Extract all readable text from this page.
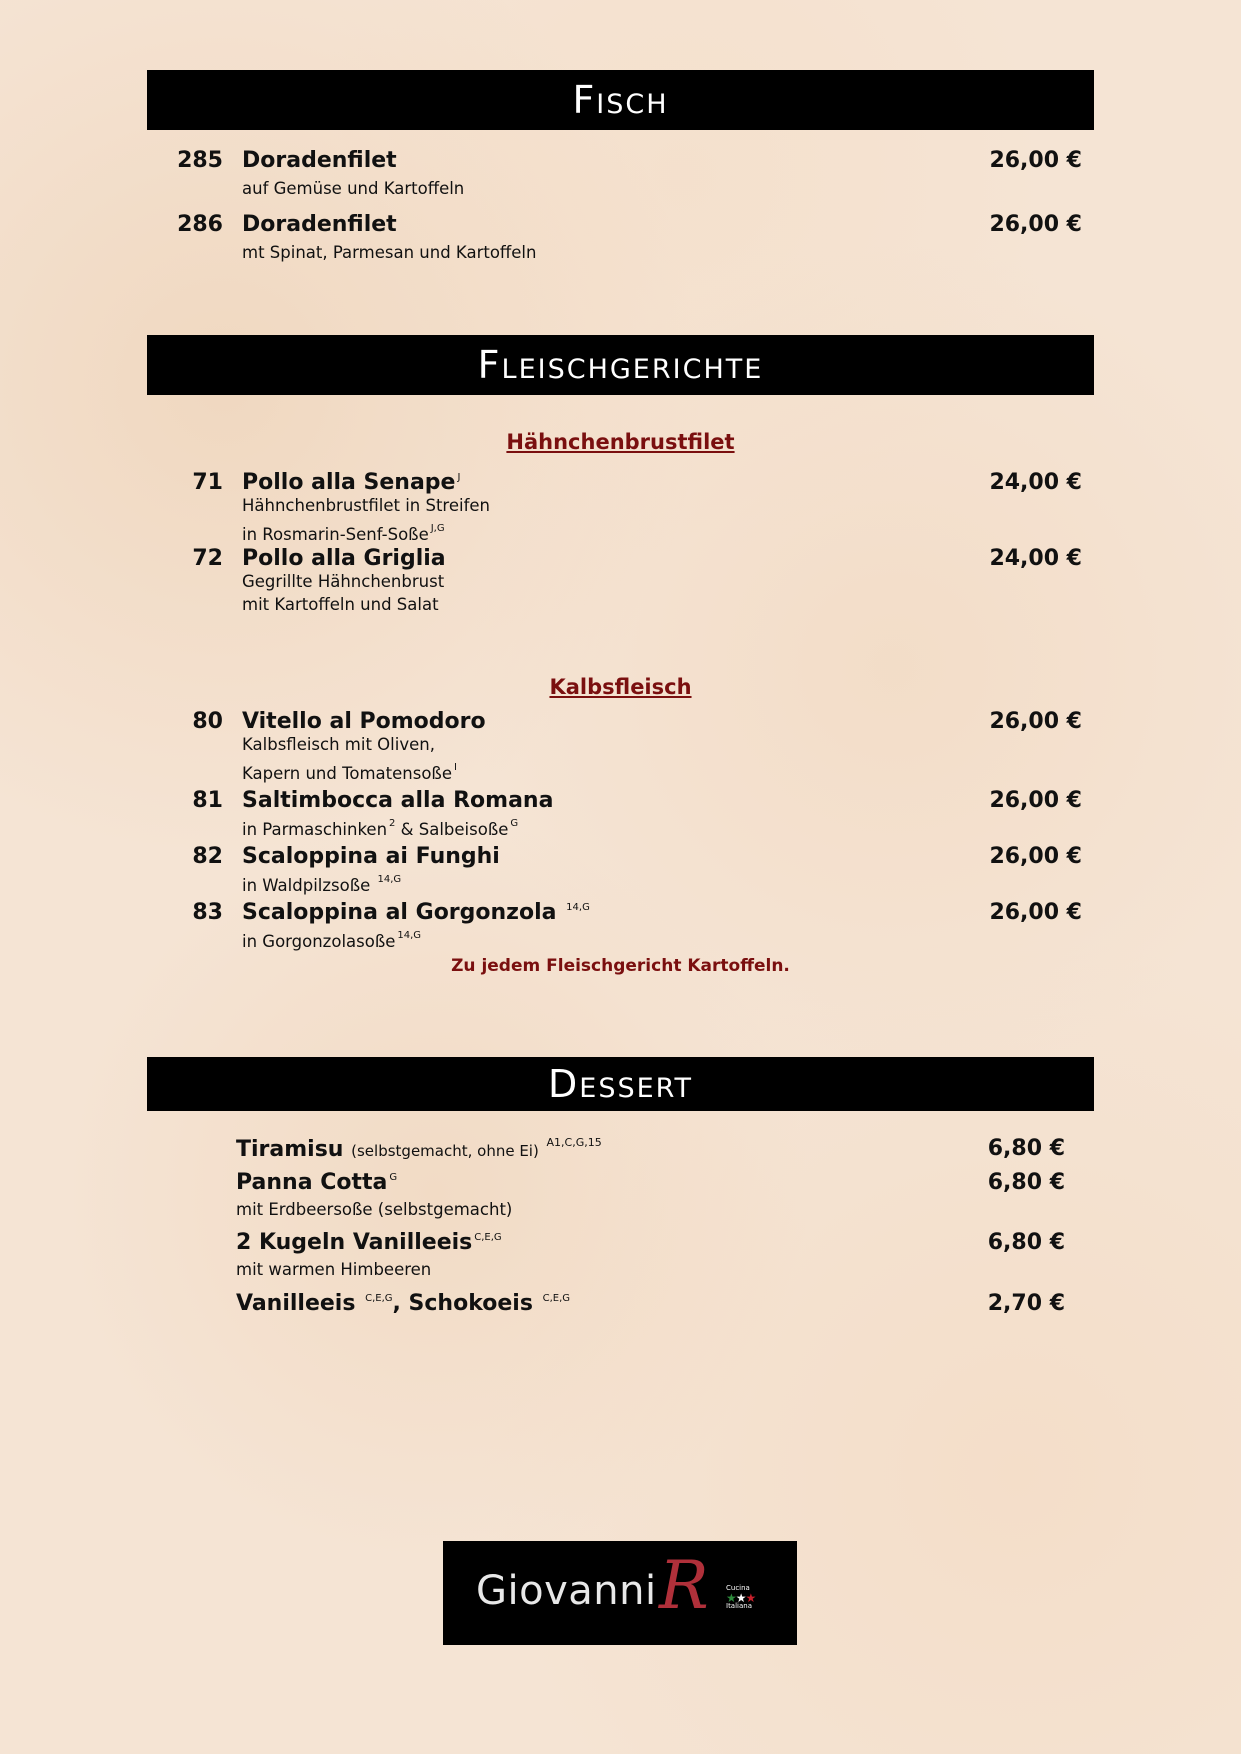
Fisch
285 Doradenfilet	26,00 €
auf Gemüse und Kartoffeln
286 Doradenfilet	26,00 €
mt Spinat, Parmesan und Kartoffeln
Fleischgerichte
Hähnchenbrustfilet
71 Pollo alla Senape $^J$	24,00 €
Hähnchenbrustfilet in Streifen
in Rosmarin-Senf-Soße $^{J,G}$
72 Pollo alla Griglia	24,00 €
Gegrillte Hähnchenbrust
mit Kartoffeln und Salat
Kalbsfleisch
80 Vitello al Pomodoro	26,00 €
Kalbsfleisch mit Oliven,
Kapern und Tomatensoße $^I$
81 Saltimbocca alla Romana	26,00 €
in Parmaschinken $^2$ & Salbeisoße $^G$
82 Scaloppina ai Funghi	26,00 €
in Waldpilzsoße $^{14,G}$
83 Scaloppina al Gorgonzola $^{14,G}$	26,00 €
in Gorgonzolasoße $^{14,G}$
Zu jedem Fleischgericht Kartoffeln.
Dessert
Tiramisu (selbstgemacht, ohne Ei) $^{A1,C,G,15}$	6,80 €
Panna Cotta $^G$	6,80 €
mit Erdbeersoße (selbstgemacht)
2 Kugeln Vanilleeis $^{C,E,G}$	6,80 €
mit warmen Himbeeren
Vanilleeis $^{C,E,G}$, Schokoeis $^{C,E,G}$	2,70 €
Giovanni R Cucina

Italiana
★★★
